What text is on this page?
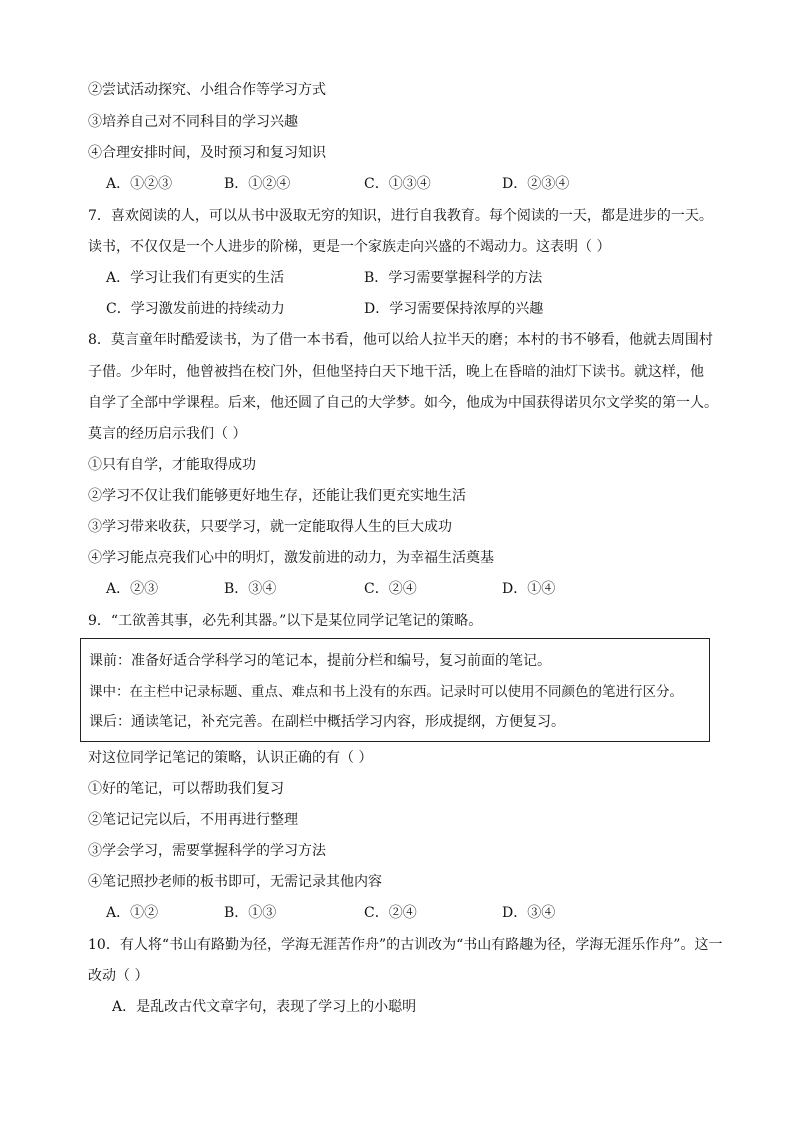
②尝试活动探究、小组合作等学习方式
③培养自己对不同科目的学习兴趣
④合理安排时间，及时预习和复习知识
A．①②③	B．①②④	C．①③④	D．②③④
7．喜欢阅读的人，可以从书中汲取无穷的知识，进行自我教育。每个阅读的一天，都是进步的一天。
读书，不仅仅是一个人进步的阶梯，更是一个家族走向兴盛的不竭动力。这表明（ ）
A．学习让我们有更实的生活	B．学习需要掌握科学的方法
C．学习激发前进的持续动力	D．学习需要保持浓厚的兴趣
8．莫言童年时酷爱读书，为了借一本书看，他可以给人拉半天的磨；本村的书不够看，他就去周围村
子借。少年时，他曾被挡在校门外，但他坚持白天下地干活，晚上在昏暗的油灯下读书。就这样，他
自学了全部中学课程。后来，他还圆了自己的大学梦。如今，他成为中国获得诺贝尔文学奖的第一人。
莫言的经历启示我们（ ）
①只有自学，才能取得成功
②学习不仅让我们能够更好地生存，还能让我们更充实地生活
③学习带来收获，只要学习，就一定能取得人生的巨大成功
④学习能点亮我们心中的明灯，激发前进的动力，为幸福生活奠基
A．②③	B．③④	C．②④	D．①④
9．“工欲善其事，必先利其器。”以下是某位同学记笔记的策略。
课前：准备好适合学科学习的笔记本，提前分栏和编号，复习前面的笔记。
课中：在主栏中记录标题、重点、难点和书上没有的东西。记录时可以使用不同颜色的笔进行区分。
课后：通读笔记，补充完善。在副栏中概括学习内容，形成提纲，方便复习。
对这位同学记笔记的策略，认识正确的有（ ）
①好的笔记，可以帮助我们复习
②笔记记完以后，不用再进行整理
③学会学习，需要掌握科学的学习方法
④笔记照抄老师的板书即可，无需记录其他内容
A．①②	B．①③	C．②④	D．③④
10．有人将“书山有路勤为径，学海无涯苦作舟”的古训改为“书山有路趣为径，学海无涯乐作舟”。这一
改动（ ）
A．是乱改古代文章字句，表现了学习上的小聪明
